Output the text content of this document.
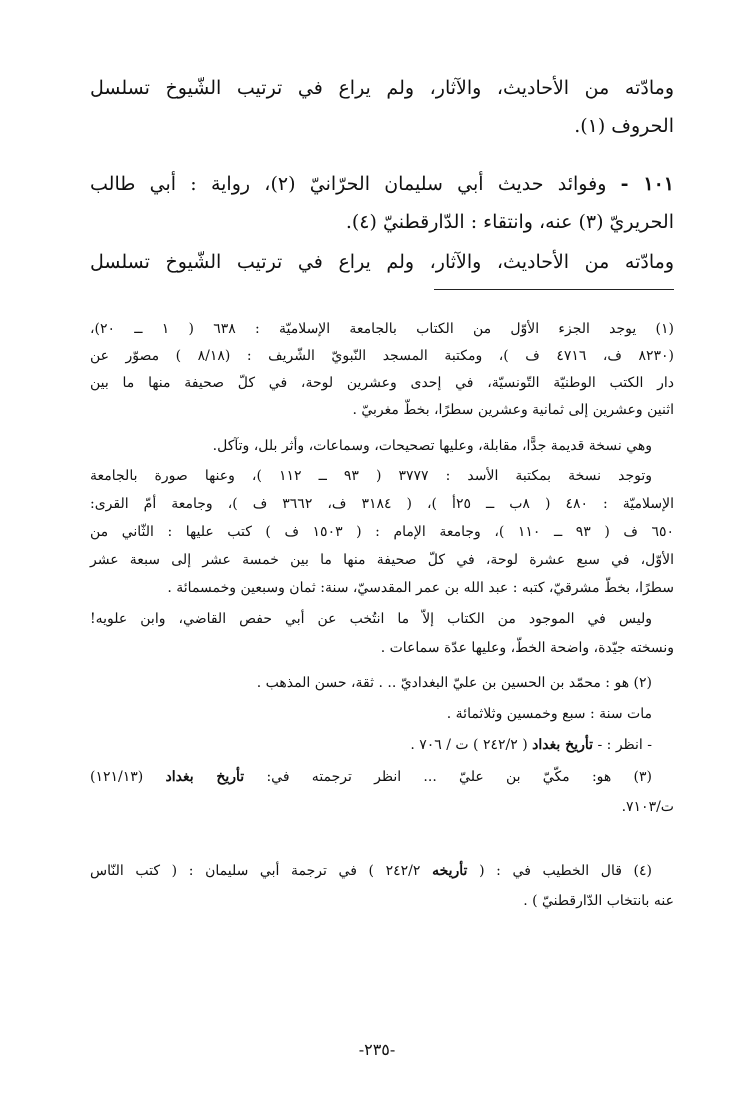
ومادّته من الأحاديث، والآثار، ولم يراع في ترتيب الشّيوخ تسلسل
الحروف (١).
١٠١ - وفوائد حديث أبي سليمان الحرّانيّ (٢)، رواية : أبي طالب
الحريريّ (٣) عنه، وانتقاء : الدّارقطنيّ (٤).
ومادّته من الأحاديث، والآثار، ولم يراع في ترتيب الشّيوخ تسلسل
(١) يوجد الجزء الأوّل من الكتاب بالجامعة الإسلاميّة : ٦٣٨ ( ١ ــ ٢٠)،
(٨٢٣٠ ف، ٤٧١٦ ف )، ومكتبة المسجد النّبويّ الشّريف : (٨/١٨ ) مصوّر عن
دار الكتب الوطنيّة التّونسيّة، في إحدى وعشرين لوحة، في كلّ صحيفة منها ما بين
اثنين وعشرين إلى ثمانية وعشرين سطرًا، بخطّ مغربيّ .
وهي نسخة قديمة جدًّا، مقابلة، وعليها تصحيحات، وسماعات، وأثر بلل، وتآكل.
وتوجد نسخة بمكتبة الأسد : ٣٧٧٧ ( ٩٣ ــ ١١٢ )، وعنها صورة بالجامعة
الإسلاميّة : ٤٨٠ ( ٨ب ــ ٢٥أ )، ( ٣١٨٤ ف، ٣٦٦٢ ف )، وجامعة أمّ القرى:
٦٥٠ ف ( ٩٣ ــ ١١٠ )، وجامعة الإمام : ( ١٥٠٣ ف ) كتب عليها : الثّاني من
الأوّل، في سبع عشرة لوحة، في كلّ صحيفة منها ما بين خمسة عشر إلى سبعة عشر
سطرًا، بخطّ مشرقيّ، كتبه : عبد الله بن عمر المقدسيّ، سنة: ثمان وسبعين وخمسمائة .
وليس في الموجود من الكتاب إلاّ ما انتُخب عن أبي حفص القاضي، وابن علويه!
ونسخته جيّدة، واضحة الخطّ، وعليها عدّة سماعات .
(٢) هو : محمّد بن الحسين بن عليّ البغداديّ .. . ثقة، حسن المذهب .
مات سنة : سبع وخمسين وثلاثمائة .
- انظر : - تأريخ بغداد ( ٢٤٢/٢ ) ت / ٧٠٦ .
(٣) هو: مكّيّ بن عليّ ... انظر ترجمته في: تأريخ بغداد (١٢١/١٣)
ت/٧١٠٣.
(٤) قال الخطيب في : ( تأريخه ٢٤٢/٢ ) في ترجمة أبي سليمان : ( كتب النّاس
عنه بانتخاب الدّارقطنيّ ) .
-٢٣٥-
